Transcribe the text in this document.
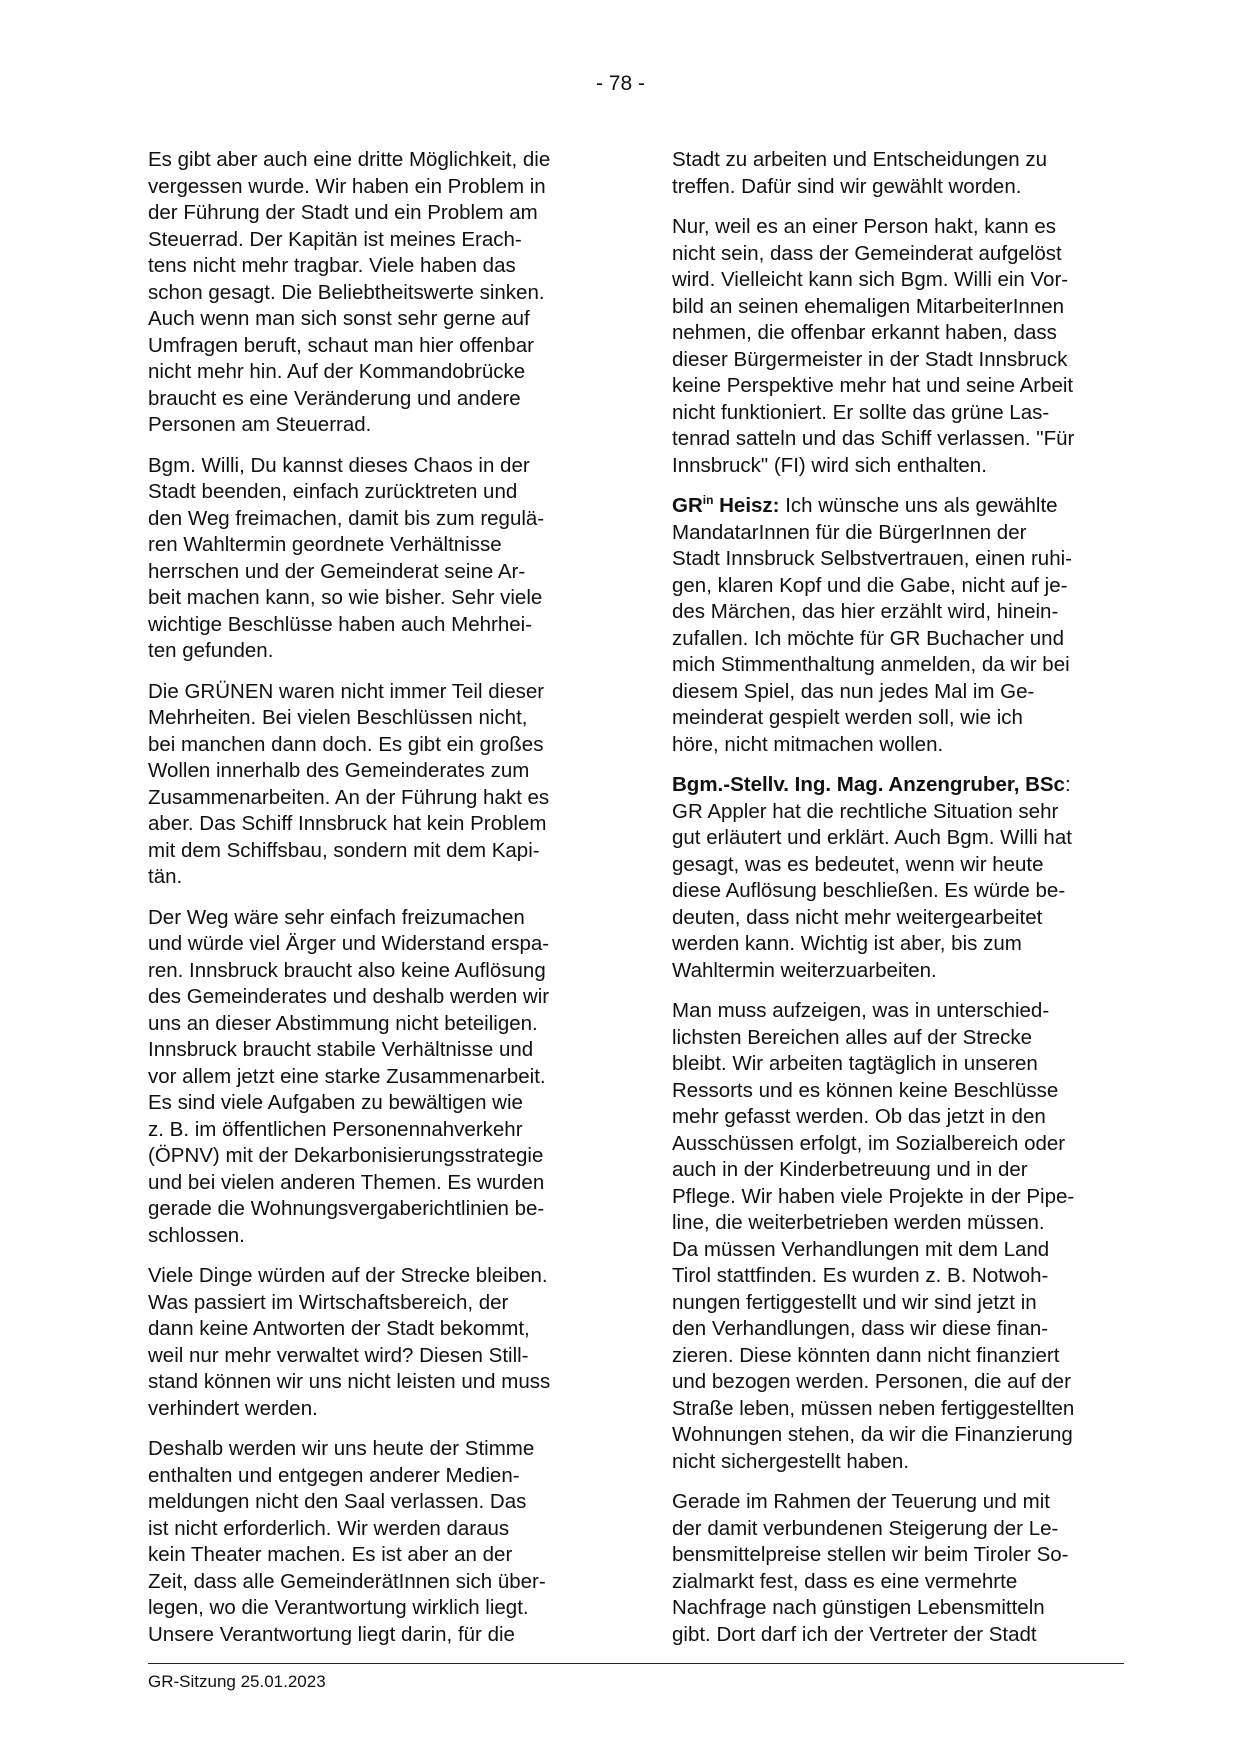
- 78 -
Es gibt aber auch eine dritte Möglichkeit, die
vergessen wurde. Wir haben ein Problem in
der Führung der Stadt und ein Problem am
Steuerrad. Der Kapitän ist meines Erach-
tens nicht mehr tragbar. Viele haben das
schon gesagt. Die Beliebtheitswerte sinken.
Auch wenn man sich sonst sehr gerne auf
Umfragen beruft, schaut man hier offenbar
nicht mehr hin. Auf der Kommandobrücke
braucht es eine Veränderung und andere
Personen am Steuerrad.
Bgm. Willi, Du kannst dieses Chaos in der
Stadt beenden, einfach zurücktreten und
den Weg freimachen, damit bis zum regulä-
ren Wahltermin geordnete Verhältnisse
herrschen und der Gemeinderat seine Ar-
beit machen kann, so wie bisher. Sehr viele
wichtige Beschlüsse haben auch Mehrhei-
ten gefunden.
Die GRÜNEN waren nicht immer Teil dieser
Mehrheiten. Bei vielen Beschlüssen nicht,
bei manchen dann doch. Es gibt ein großes
Wollen innerhalb des Gemeinderates zum
Zusammenarbeiten. An der Führung hakt es
aber. Das Schiff Innsbruck hat kein Problem
mit dem Schiffsbau, sondern mit dem Kapi-
tän.
Der Weg wäre sehr einfach freizumachen
und würde viel Ärger und Widerstand erspa-
ren. Innsbruck braucht also keine Auflösung
des Gemeinderates und deshalb werden wir
uns an dieser Abstimmung nicht beteiligen.
Innsbruck braucht stabile Verhältnisse und
vor allem jetzt eine starke Zusammenarbeit.
Es sind viele Aufgaben zu bewältigen wie
z. B. im öffentlichen Personennahverkehr
(ÖPNV) mit der Dekarbonisierungsstrategie
und bei vielen anderen Themen. Es wurden
gerade die Wohnungsvergaberichtlinien be-
schlossen.
Viele Dinge würden auf der Strecke bleiben.
Was passiert im Wirtschaftsbereich, der
dann keine Antworten der Stadt bekommt,
weil nur mehr verwaltet wird? Diesen Still-
stand können wir uns nicht leisten und muss
verhindert werden.
Deshalb werden wir uns heute der Stimme
enthalten und entgegen anderer Medien-
meldungen nicht den Saal verlassen. Das
ist nicht erforderlich. Wir werden daraus
kein Theater machen. Es ist aber an der
Zeit, dass alle GemeinderätInnen sich über-
legen, wo die Verantwortung wirklich liegt.
Unsere Verantwortung liegt darin, für die
Stadt zu arbeiten und Entscheidungen zu
treffen. Dafür sind wir gewählt worden.
Nur, weil es an einer Person hakt, kann es
nicht sein, dass der Gemeinderat aufgelöst
wird. Vielleicht kann sich Bgm. Willi ein Vor-
bild an seinen ehemaligen MitarbeiterInnen
nehmen, die offenbar erkannt haben, dass
dieser Bürgermeister in der Stadt Innsbruck
keine Perspektive mehr hat und seine Arbeit
nicht funktioniert. Er sollte das grüne Las-
tenrad satteln und das Schiff verlassen. "Für
Innsbruck" (FI) wird sich enthalten.
$GR^{in}$ Heisz: Ich wünsche uns als gewählte
MandatarInnen für die BürgerInnen der
Stadt Innsbruck Selbstvertrauen, einen ruhi-
gen, klaren Kopf und die Gabe, nicht auf je-
des Märchen, das hier erzählt wird, hinein-
zufallen. Ich möchte für GR Buchacher und
mich Stimmenthaltung anmelden, da wir bei
diesem Spiel, das nun jedes Mal im Ge-
meinderat gespielt werden soll, wie ich
höre, nicht mitmachen wollen.
Bgm.-Stellv. Ing. Mag. Anzengruber, BSc:
GR Appler hat die rechtliche Situation sehr
gut erläutert und erklärt. Auch Bgm. Willi hat
gesagt, was es bedeutet, wenn wir heute
diese Auflösung beschließen. Es würde be-
deuten, dass nicht mehr weitergearbeitet
werden kann. Wichtig ist aber, bis zum
Wahltermin weiterzuarbeiten.
Man muss aufzeigen, was in unterschied-
lichsten Bereichen alles auf der Strecke
bleibt. Wir arbeiten tagtäglich in unseren
Ressorts und es können keine Beschlüsse
mehr gefasst werden. Ob das jetzt in den
Ausschüssen erfolgt, im Sozialbereich oder
auch in der Kinderbetreuung und in der
Pflege. Wir haben viele Projekte in der Pipe-
line, die weiterbetrieben werden müssen.
Da müssen Verhandlungen mit dem Land
Tirol stattfinden. Es wurden z. B. Notwoh-
nungen fertiggestellt und wir sind jetzt in
den Verhandlungen, dass wir diese finan-
zieren. Diese könnten dann nicht finanziert
und bezogen werden. Personen, die auf der
Straße leben, müssen neben fertiggestellten
Wohnungen stehen, da wir die Finanzierung
nicht sichergestellt haben.
Gerade im Rahmen der Teuerung und mit
der damit verbundenen Steigerung der Le-
bensmittelpreise stellen wir beim Tiroler So-
zialmarkt fest, dass es eine vermehrte
Nachfrage nach günstigen Lebensmitteln
gibt. Dort darf ich der Vertreter der Stadt
GR-Sitzung 25.01.2023
